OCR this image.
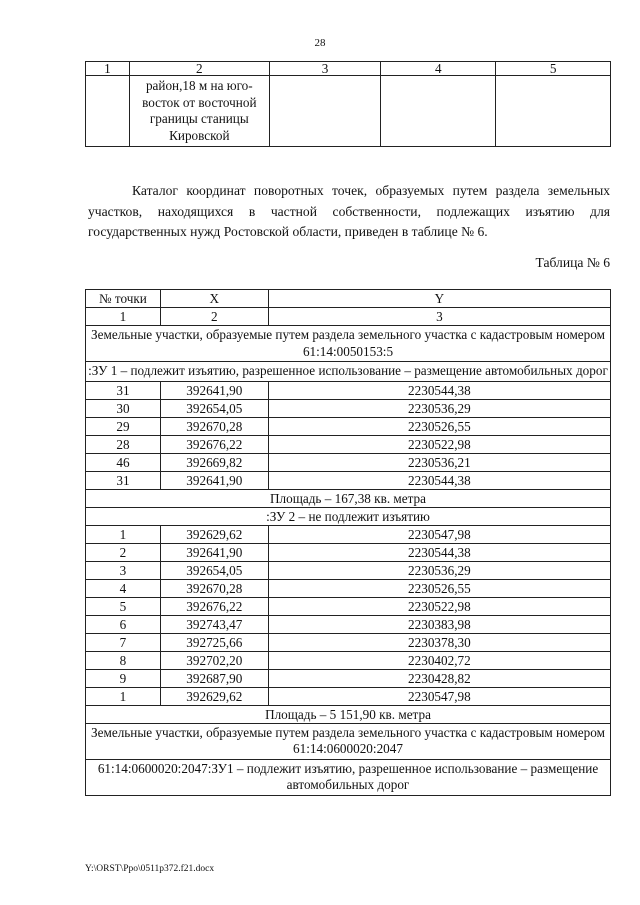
28
1	2	3	4	5
	район,18 м на юго-восток от восточной границы станицы Кировской			

Каталог координат поворотных точек, образуемых путем раздела земельных участков, находящихся в частной собственности, подлежащих изъятию для государственных нужд Ростовской области, приведен в таблице № 6.

Таблица № 6
№ точки	X	Y
1	2	3
Земельные участки, образуемые путем раздела земельного участка с кадастровым номером 61:14:0050153:5		
:ЗУ 1 – подлежит изъятию, разрешенное использование – размещение автомобильных дорог		
31	392641,90	2230544,38
30	392654,05	2230536,29
29	392670,28	2230526,55
28	392676,22	2230522,98
46	392669,82	2230536,21
31	392641,90	2230544,38
Площадь – 167,38 кв. метра		
:ЗУ 2 – не подлежит изъятию		
1	392629,62	2230547,98
2	392641,90	2230544,38
3	392654,05	2230536,29
4	392670,28	2230526,55
5	392676,22	2230522,98
6	392743,47	2230383,98
7	392725,66	2230378,30
8	392702,20	2230402,72
9	392687,90	2230428,82
1	392629,62	2230547,98
Площадь – 5 151,90 кв. метра		
Земельные участки, образуемые путем раздела земельного участка с кадастровым номером 61:14:0600020:2047		
61:14:0600020:2047:ЗУ1 – подлежит изъятию, разрешенное использование – размещение автомобильных дорог		
Y:\ORST\Ppo\0511p372.f21.docx
